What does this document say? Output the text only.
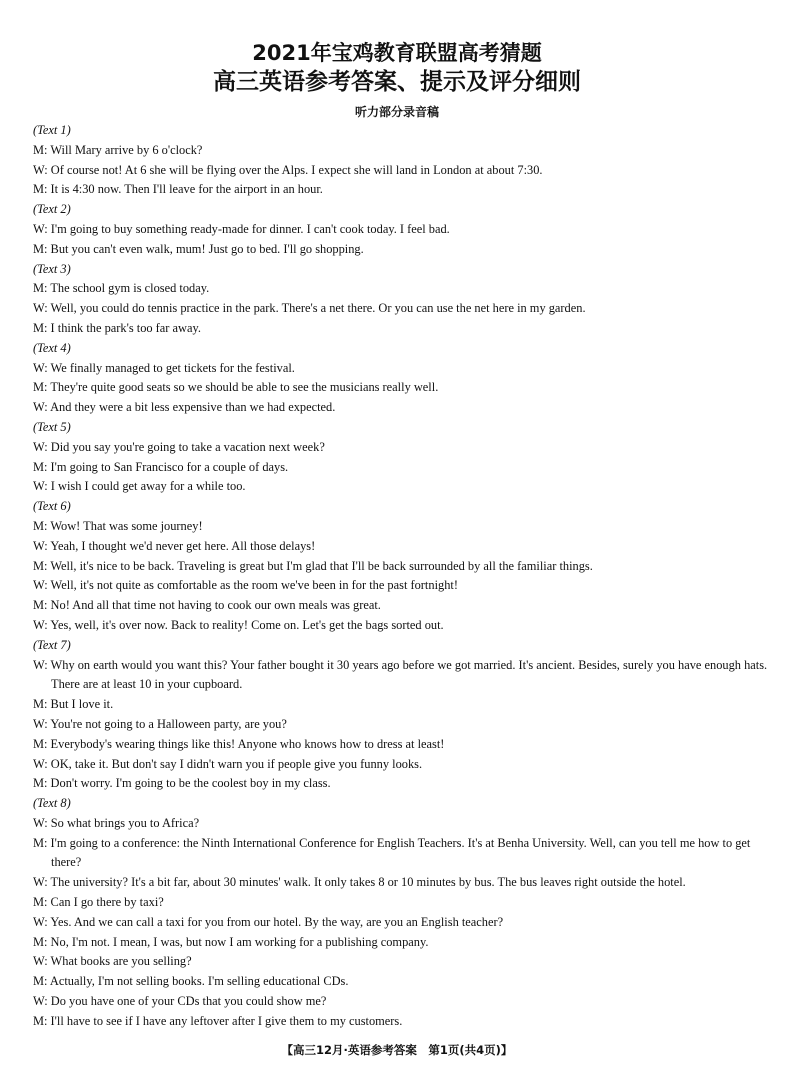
2021年宝鸡教育联盟高考猜题
高三英语参考答案、提示及评分细则
听力部分录音稿
(Text 1)
M: Will Mary arrive by 6 o'clock?
W: Of course not! At 6 she will be flying over the Alps. I expect she will land in London at about 7:30.
M: It is 4:30 now. Then I'll leave for the airport in an hour.
(Text 2)
W: I'm going to buy something ready-made for dinner. I can't cook today. I feel bad.
M: But you can't even walk, mum! Just go to bed. I'll go shopping.
(Text 3)
M: The school gym is closed today.
W: Well, you could do tennis practice in the park. There's a net there. Or you can use the net here in my garden.
M: I think the park's too far away.
(Text 4)
W: We finally managed to get tickets for the festival.
M: They're quite good seats so we should be able to see the musicians really well.
W: And they were a bit less expensive than we had expected.
(Text 5)
W: Did you say you're going to take a vacation next week?
M: I'm going to San Francisco for a couple of days.
W: I wish I could get away for a while too.
(Text 6)
M: Wow! That was some journey!
W: Yeah, I thought we'd never get here. All those delays!
M: Well, it's nice to be back. Traveling is great but I'm glad that I'll be back surrounded by all the familiar things.
W: Well, it's not quite as comfortable as the room we've been in for the past fortnight!
M: No! And all that time not having to cook our own meals was great.
W: Yes, well, it's over now. Back to reality! Come on. Let's get the bags sorted out.
(Text 7)
W: Why on earth would you want this? Your father bought it 30 years ago before we got married. It's ancient. Besides, surely you have enough hats. There are at least 10 in your cupboard.
M: But I love it.
W: You're not going to a Halloween party, are you?
M: Everybody's wearing things like this! Anyone who knows how to dress at least!
W: OK, take it. But don't say I didn't warn you if people give you funny looks.
M: Don't worry. I'm going to be the coolest boy in my class.
(Text 8)
W: So what brings you to Africa?
M: I'm going to a conference: the Ninth International Conference for English Teachers. It's at Benha University. Well, can you tell me how to get there?
W: The university? It's a bit far, about 30 minutes' walk. It only takes 8 or 10 minutes by bus. The bus leaves right outside the hotel.
M: Can I go there by taxi?
W: Yes. And we can call a taxi for you from our hotel. By the way, are you an English teacher?
M: No, I'm not. I mean, I was, but now I am working for a publishing company.
W: What books are you selling?
M: Actually, I'm not selling books. I'm selling educational CDs.
W: Do you have one of your CDs that you could show me?
M: I'll have to see if I have any leftover after I give them to my customers.
【高三12月·英语参考答案　第1页(共4页)】
